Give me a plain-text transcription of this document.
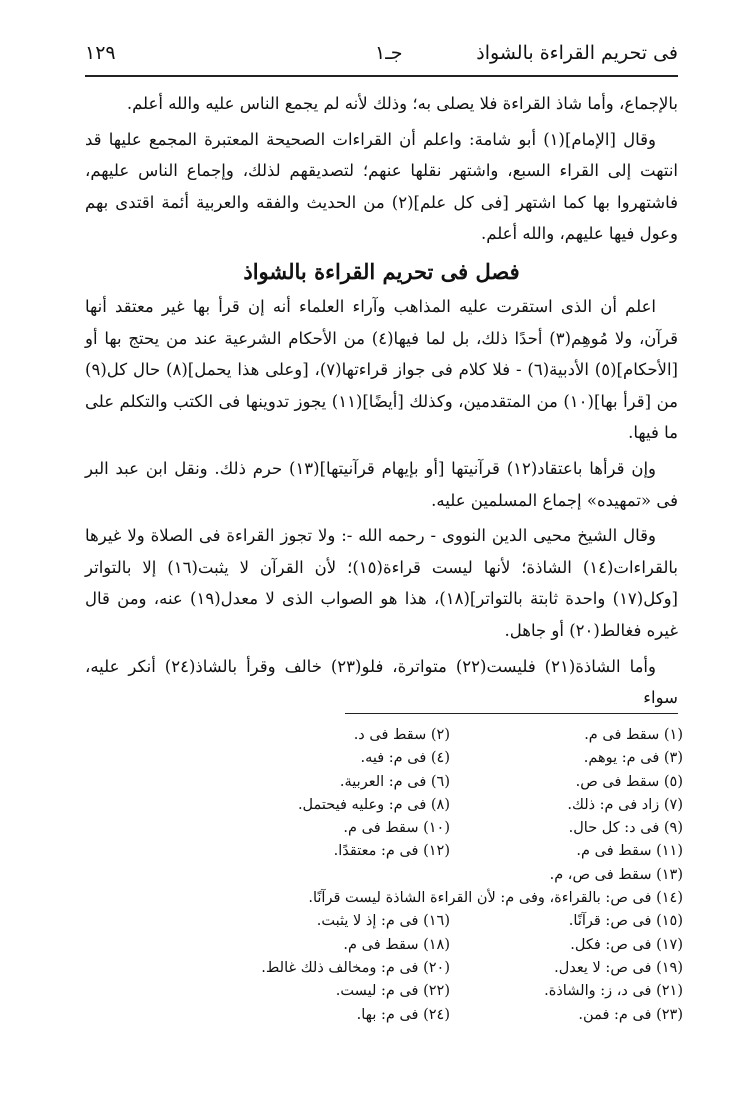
فى تحريم القراءة بالشواذ
جـ١
١٢٩

بالإجماع، وأما شاذ القراءة فلا يصلى به؛ وذلك لأنه لم يجمع الناس عليه والله أعلم.

وقال [الإمام](١) أبو شامة: واعلم أن القراءات الصحيحة المعتبرة المجمع عليها قد انتهت إلى القراء السبع، واشتهر نقلها عنهم؛ لتصديقهم لذلك، وإجماع الناس عليهم، فاشتهروا بها كما اشتهر [فى كل علم](٢) من الحديث والفقه والعربية أئمة اقتدى بهم وعول فيها عليهم، والله أعلم.

فصل فى تحريم القراءة بالشواذ

اعلم أن الذى استقرت عليه المذاهب وآراء العلماء أنه إن قرأ بها غير معتقد أنها قرآن، ولا مُوهِم(٣) أحدًا ذلك، بل لما فيها(٤) من الأحكام الشرعية عند من يحتج بها أو [الأحكام](٥) الأدبية(٦) - فلا كلام فى جواز قراءتها(٧)، [وعلى هذا يحمل](٨) حال كل(٩) من [قرأ بها](١٠) من المتقدمين، وكذلك [أيضًا](١١) يجوز تدوينها فى الكتب والتكلم على ما فيها.

وإن قرأها باعتقاد(١٢) قرآنيتها [أو بإيهام قرآنيتها](١٣) حرم ذلك. ونقل ابن عبد البر فى «تمهيده» إجماع المسلمين عليه.

وقال الشيخ محيى الدين النووى - رحمه الله -: ولا تجوز القراءة فى الصلاة ولا غيرها بالقراءات(١٤) الشاذة؛ لأنها ليست قراءة(١٥)؛ لأن القرآن لا يثبت(١٦) إلا بالتواتر [وكل(١٧) واحدة ثابتة بالتواتر](١٨)، هذا هو الصواب الذى لا معدل(١٩) عنه، ومن قال غيره فغالط(٢٠) أو جاهل.

وأما الشاذة(٢١) فليست(٢٢) متواترة، فلو(٢٣) خالف وقرأ بالشاذ(٢٤) أنكر عليه، سواء

(١) سقط فى م.
(٢) سقط فى د.
(٣) فى م: يوهم.
(٤) فى م: فيه.
(٥) سقط فى ص.
(٦) فى م: العربية.
(٧) زاد فى م: ذلك.
(٨) فى م: وعليه فيحتمل.
(٩) فى د: كل حال.
(١٠) سقط فى م.
(١١) سقط فى م.
(١٢) فى م: معتقدًا.
(١٣) سقط فى ص، م.
(١٤) فى ص: بالقراءة، وفى م: لأن القراءة الشاذة ليست قرآنًا.
(١٥) فى ص: قرآنًا.
(١٦) فى م: إذ لا يثبت.
(١٧) فى ص: فكل.
(١٨) سقط فى م.
(١٩) فى ص: لا يعدل.
(٢٠) فى م: ومخالف ذلك غالط.
(٢١) فى د، ز: والشاذة.
(٢٢) فى م: ليست.
(٢٣) فى م: فمن.
(٢٤) فى م: بها.
